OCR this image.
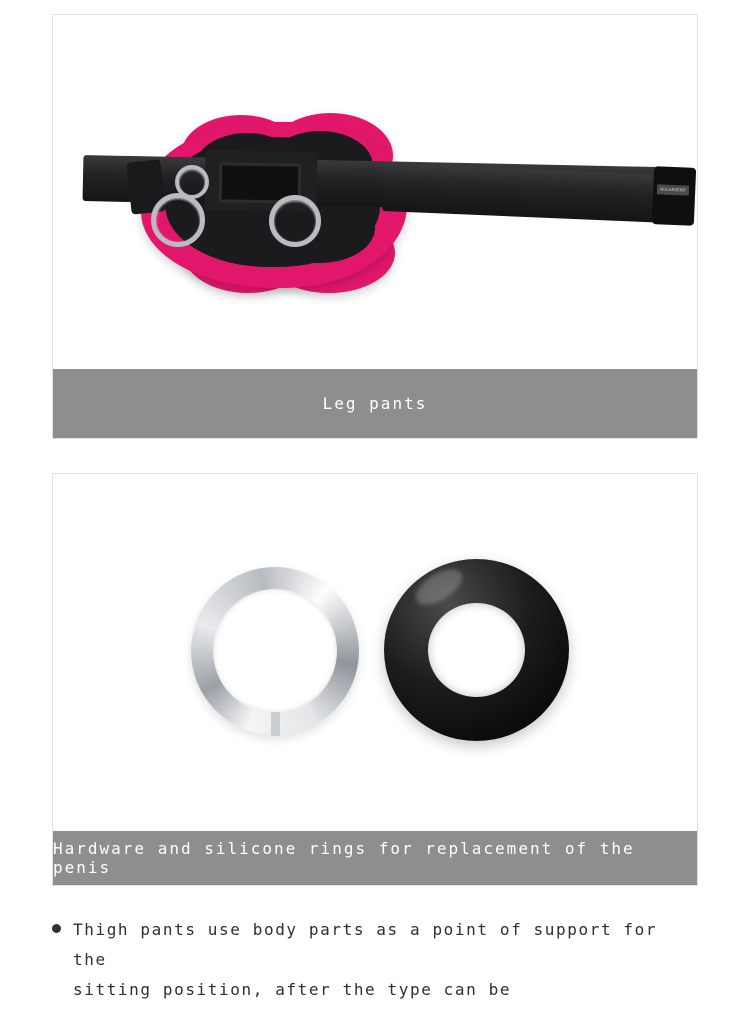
NOLANSEND
Leg pants
Hardware and silicone rings for replacement of the penis
Thigh pants use body parts as a point of support for the
sitting position, after the type can be
